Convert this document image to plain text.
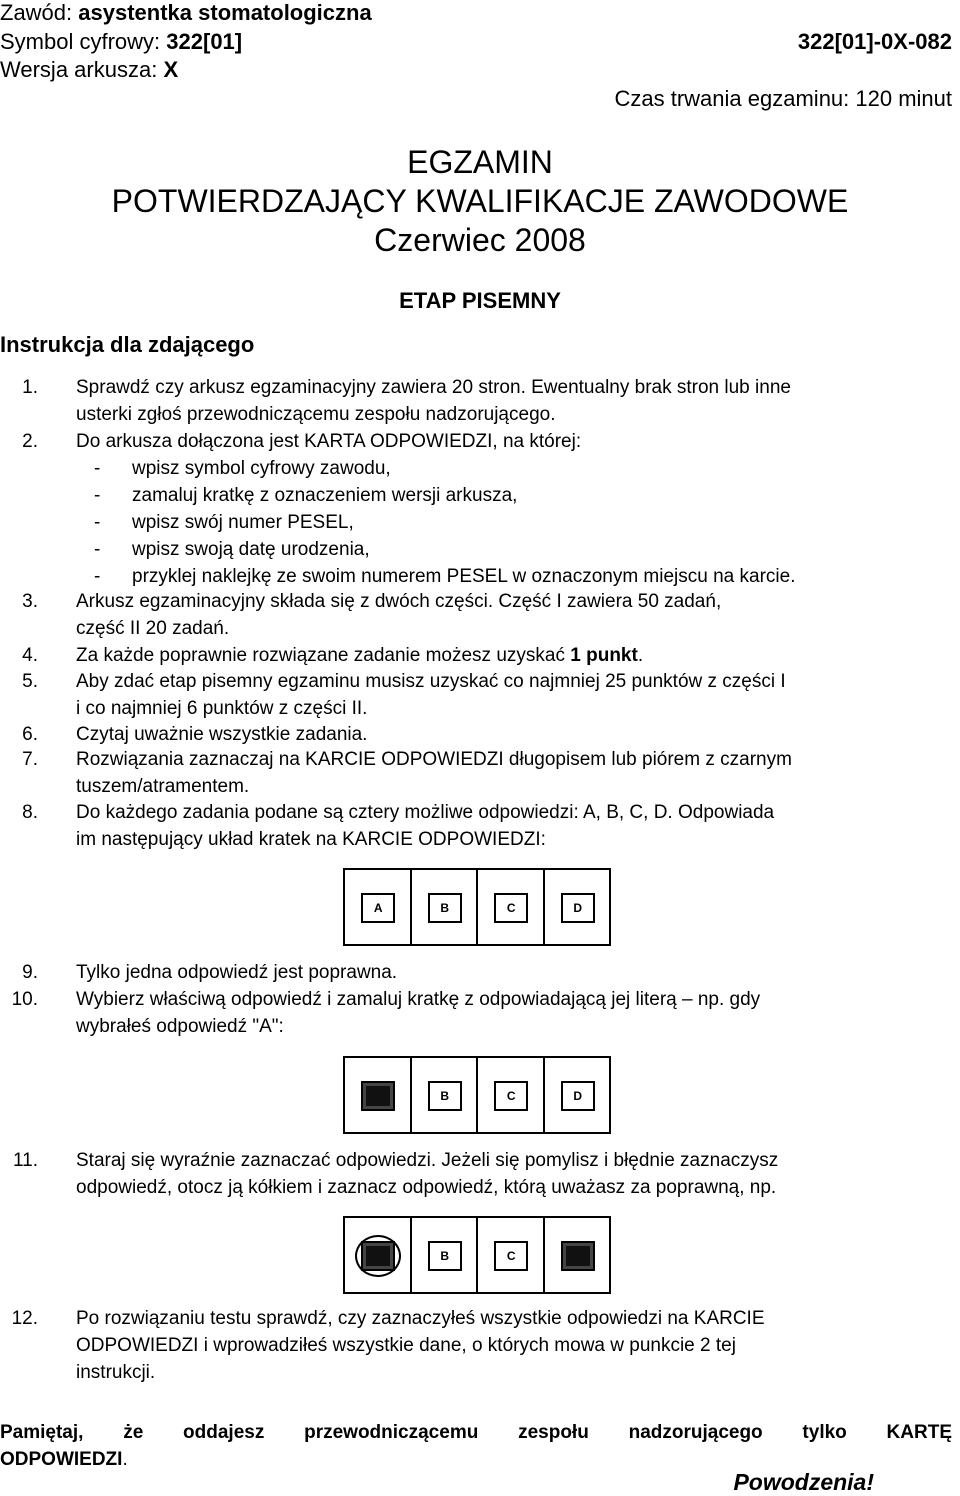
Zawód: asystentka stomatologiczna
Symbol cyfrowy: 322[01]	322[01]-0X-082
Wersja arkusza: X
Czas trwania egzaminu: 120 minut
EGZAMIN
POTWIERDZAJĄCY KWALIFIKACJE ZAWODOWE
Czerwiec 2008
ETAP PISEMNY
Instrukcja dla zdającego
1. Sprawdź czy arkusz egzaminacyjny zawiera 20 stron. Ewentualny brak stron lub inne
usterki zgłoś przewodniczącemu zespołu nadzorującego.
2. Do arkusza dołączona jest KARTA ODPOWIEDZI, na której:
- wpisz symbol cyfrowy zawodu,
- zamaluj kratkę z oznaczeniem wersji arkusza,
- wpisz swój numer PESEL,
- wpisz swoją datę urodzenia,
- przyklej naklejkę ze swoim numerem PESEL w oznaczonym miejscu na karcie.
3. Arkusz egzaminacyjny składa się z dwóch części. Część I zawiera 50 zadań,
część II 20 zadań.
4. Za każde poprawnie rozwiązane zadanie możesz uzyskać 1 punkt.
5. Aby zdać etap pisemny egzaminu musisz uzyskać co najmniej 25 punktów z części I
i co najmniej 6 punktów z części II.
6. Czytaj uważnie wszystkie zadania.
7. Rozwiązania zaznaczaj na KARCIE ODPOWIEDZI długopisem lub piórem z czarnym
tuszem/atramentem.
8. Do każdego zadania podane są cztery możliwe odpowiedzi: A, B, C, D. Odpowiada
im następujący układ kratek na KARCIE ODPOWIEDZI:
A	B	C	D
9. Tylko jedna odpowiedź jest poprawna.
10. Wybierz właściwą odpowiedź i zamaluj kratkę z odpowiadającą jej literą – np. gdy
wybrałeś odpowiedź "A":
A	B	C	D
11. Staraj się wyraźnie zaznaczać odpowiedzi. Jeżeli się pomylisz i błędnie zaznaczysz
odpowiedź, otocz ją kółkiem i zaznacz odpowiedź, którą uważasz za poprawną, np.
A	B	C	D
12. Po rozwiązaniu testu sprawdź, czy zaznaczyłeś wszystkie odpowiedzi na KARCIE
ODPOWIEDZI i wprowadziłeś wszystkie dane, o których mowa w punkcie 2 tej
instrukcji.
Pamiętaj, że oddajesz przewodniczącemu zespołu nadzorującego tylko KARTĘ
ODPOWIEDZI.
Powodzenia!
